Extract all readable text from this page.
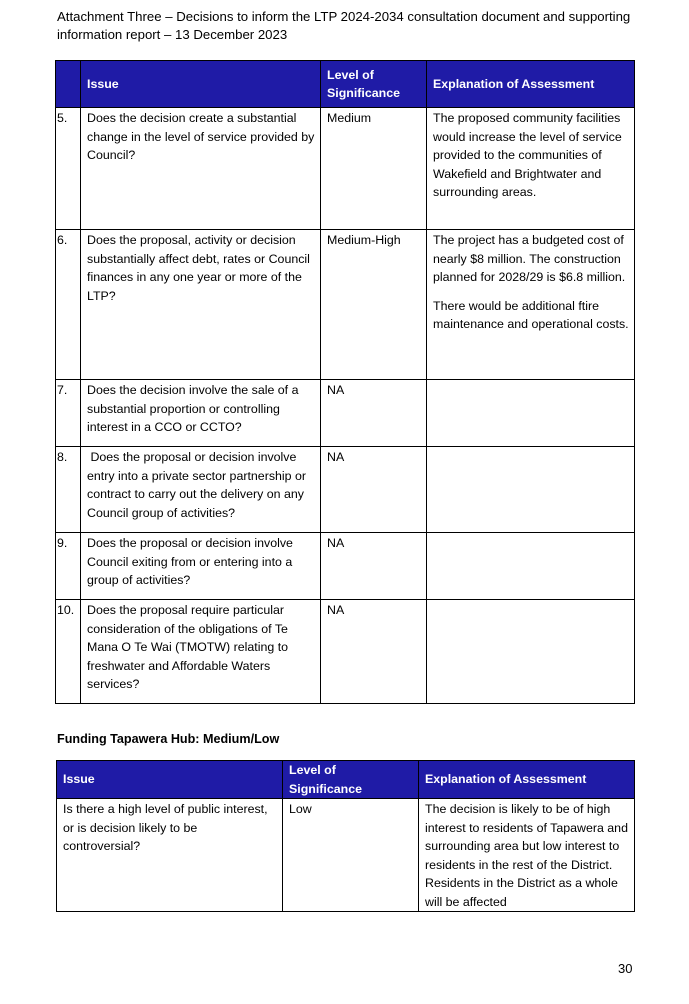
Attachment Three – Decisions to inform the LTP 2024-2034 consultation document and supporting
information report – 13 December 2023
	Issue	Level of Significance	Explanation of Assessment
5.	Does the decision create a substantial change in the level of service provided by Council?	Medium	The proposed community facilities would increase the level of service provided to the communities of Wakefield and Brightwater and surrounding areas.

6.	Does the proposal, activity or decision substantially affect debt, rates or Council finances in any one year or more of the LTP?	Medium-High	The project has a budgeted cost of nearly $8 million. The construction planned for 2028/29 is $6.8 million.

There would be additional ftire maintenance and operational costs.

7.	Does the decision involve the sale of a substantial proportion or controlling interest in a CCO or CCTO?	NA	
8.	Does the proposal or decision involve entry into a private sector partnership or contract to carry out the delivery on any Council group of activities?	NA	
9.	Does the proposal or decision involve Council exiting from or entering into a group of activities?	NA	
10.	Does the proposal require particular consideration of the obligations of Te Mana O Te Wai (TMOTW) relating to freshwater and Affordable Waters services?	NA	
Funding Tapawera Hub: Medium/Low
Issue	Level of Significance	Explanation of Assessment
Is there a high level of public interest, or is decision likely to be controversial?	Low	The decision is likely to be of high interest to residents of Tapawera and surrounding area but low interest to residents in the rest of the District. Residents in the District as a whole will be affected
30
